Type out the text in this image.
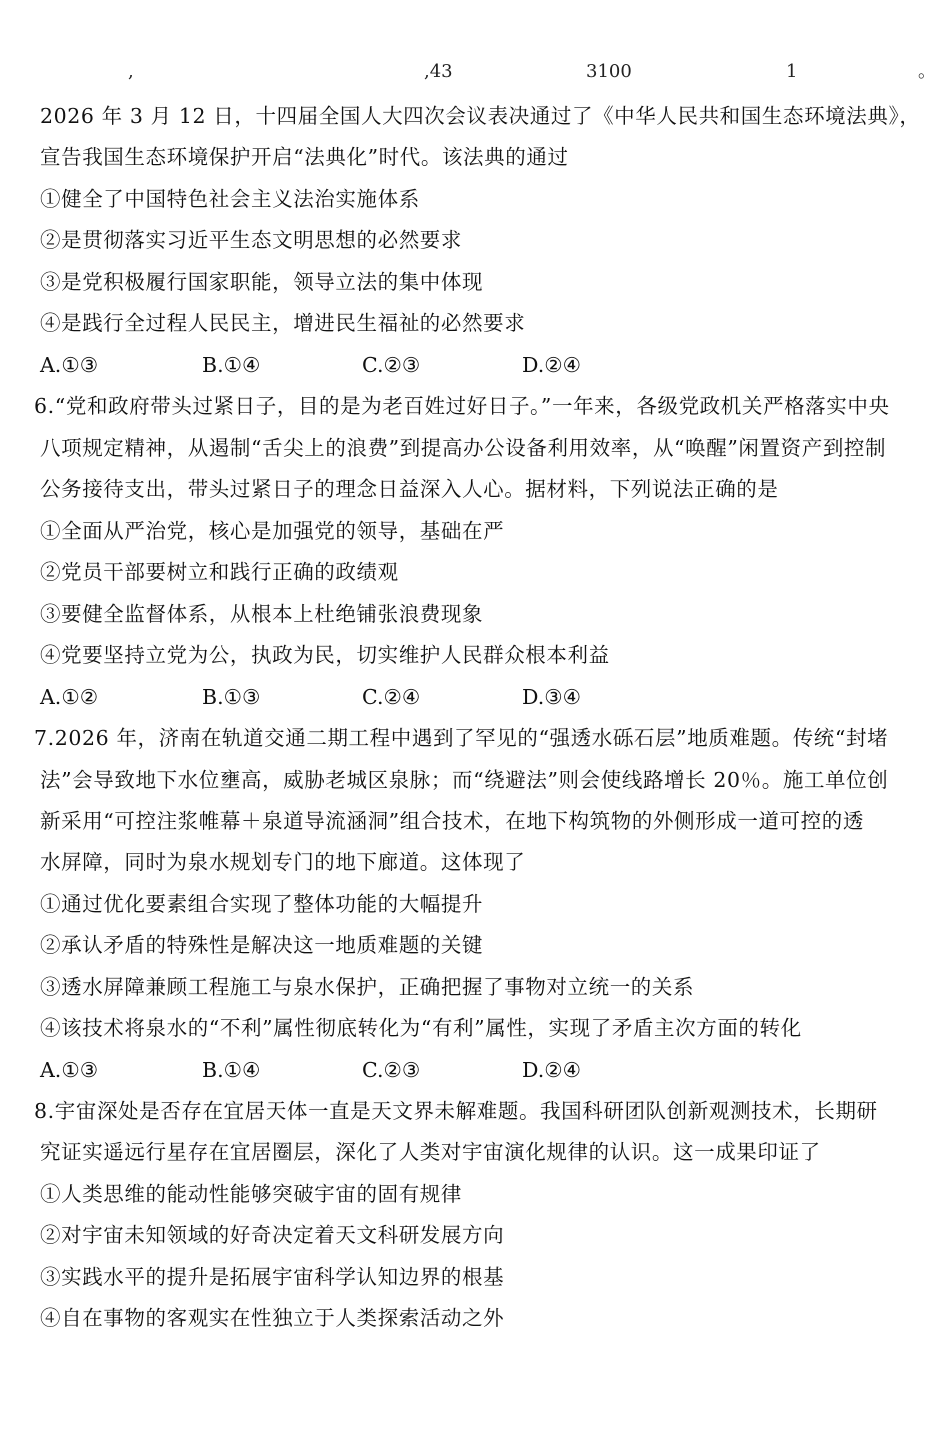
,	,43	3100	1	。
2026 年 3 月 12 日，十四届全国人大四次会议表决通过了《中华人民共和国生态环境法典》，
宣告我国生态环境保护开启“法典化”时代。该法典的通过
①健全了中国特色社会主义法治实施体系
②是贯彻落实习近平生态文明思想的必然要求
③是党积极履行国家职能，领导立法的集中体现
④是践行全过程人民民主，增进民生福祉的必然要求
A.①③	B.①④	C.②③	D.②④
6.“党和政府带头过紧日子，目的是为老百姓过好日子。”一年来，各级党政机关严格落实中央
八项规定精神，从遏制“舌尖上的浪费”到提高办公设备利用效率，从“唤醒”闲置资产到控制
公务接待支出，带头过紧日子的理念日益深入人心。据材料，下列说法正确的是
①全面从严治党，核心是加强党的领导，基础在严
②党员干部要树立和践行正确的政绩观
③要健全监督体系，从根本上杜绝铺张浪费现象
④党要坚持立党为公，执政为民，切实维护人民群众根本利益
A.①②	B.①③	C.②④	D.③④
7.2026 年，济南在轨道交通二期工程中遇到了罕见的“强透水砾石层”地质难题。传统“封堵
法”会导致地下水位壅高，威胁老城区泉脉；而“绕避法”则会使线路增长 20％。施工单位创
新采用“可控注浆帷幕＋泉道导流涵洞”组合技术，在地下构筑物的外侧形成一道可控的透
水屏障，同时为泉水规划专门的地下廊道。这体现了
①通过优化要素组合实现了整体功能的大幅提升
②承认矛盾的特殊性是解决这一地质难题的关键
③透水屏障兼顾工程施工与泉水保护，正确把握了事物对立统一的关系
④该技术将泉水的“不利”属性彻底转化为“有利”属性，实现了矛盾主次方面的转化
A.①③	B.①④	C.②③	D.②④
8.宇宙深处是否存在宜居天体一直是天文界未解难题。我国科研团队创新观测技术，长期研
究证实遥远行星存在宜居圈层，深化了人类对宇宙演化规律的认识。这一成果印证了
①人类思维的能动性能够突破宇宙的固有规律
②对宇宙未知领域的好奇决定着天文科研发展方向
③实践水平的提升是拓展宇宙科学认知边界的根基
④自在事物的客观实在性独立于人类探索活动之外
